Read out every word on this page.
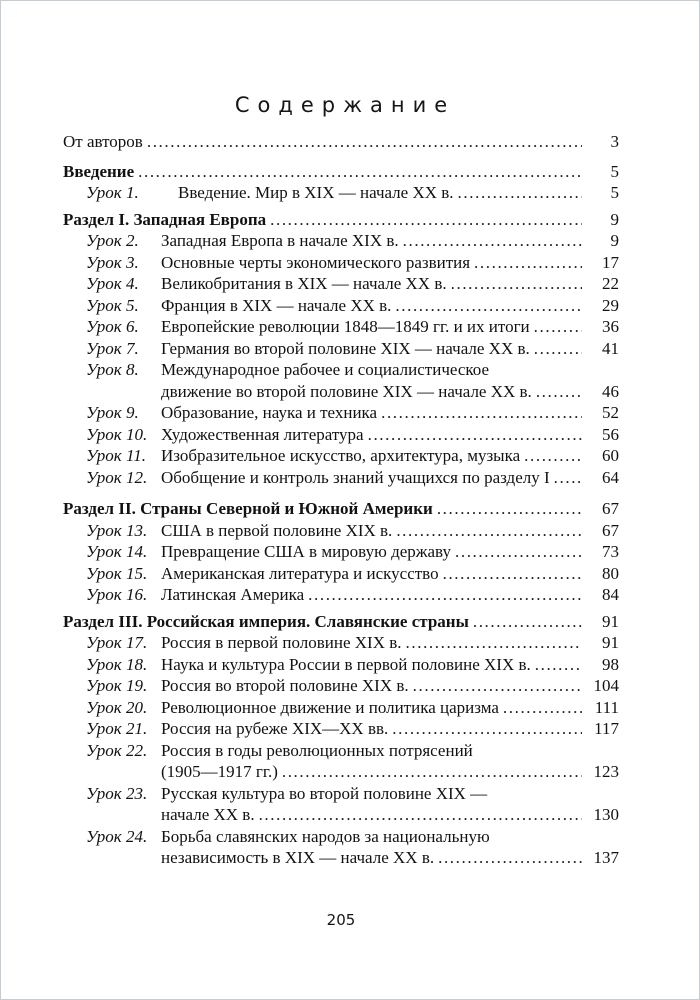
Содержание
От авторов .....	3
Введение .....	5
Урок 1.	Введение. Мир в XIX — начале XX в. .....	5
Раздел I. Западная Европа .....	9
Урок 2.	Западная Европа в начале XIX в. .....	9
Урок 3.	Основные черты экономического развития .....	17
Урок 4.	Великобритания в XIX — начале XX в. .....	22
Урок 5.	Франция в XIX — начале XX в. .....	29
Урок 6.	Европейские революции 1848—1849 гг. и их итоги .....	36
Урок 7.	Германия во второй половине XIX — начале XX в. .....	41
Урок 8.	Международное рабочее и социалистическое
движение во второй половине XIX — начале XX в. .....	46
Урок 9.	Образование, наука и техника .....	52
Урок 10. Художественная литература .....	56
Урок 11. Изобразительное искусство, архитектура, музыка .....	60
Урок 12. Обобщение и контроль знаний учащихся по разделу I .....	64
Раздел II. Страны Северной и Южной Америки .....	67
Урок 13. США в первой половине XIX в. .....	67
Урок 14. Превращение США в мировую державу .....	73
Урок 15. Американская литература и искусство .....	80
Урок 16. Латинская Америка .....	84
Раздел III. Российская империя. Славянские страны .....	91
Урок 17. Россия в первой половине XIX в. .....	91
Урок 18. Наука и культура России в первой половине XIX в. .....	98
Урок 19. Россия во второй половине XIX в. .....	104
Урок 20. Революционное движение и политика царизма .....	111
Урок 21. Россия на рубеже XIX—XX вв. .....	117
Урок 22. Россия в годы революционных потрясений
(1905—1917 гг.) .....	123
Урок 23. Русская культура во второй половине XIX —
начале XX в. .....	130
Урок 24. Борьба славянских народов за национальную
независимость в XIX — начале XX в. .....	137
205
